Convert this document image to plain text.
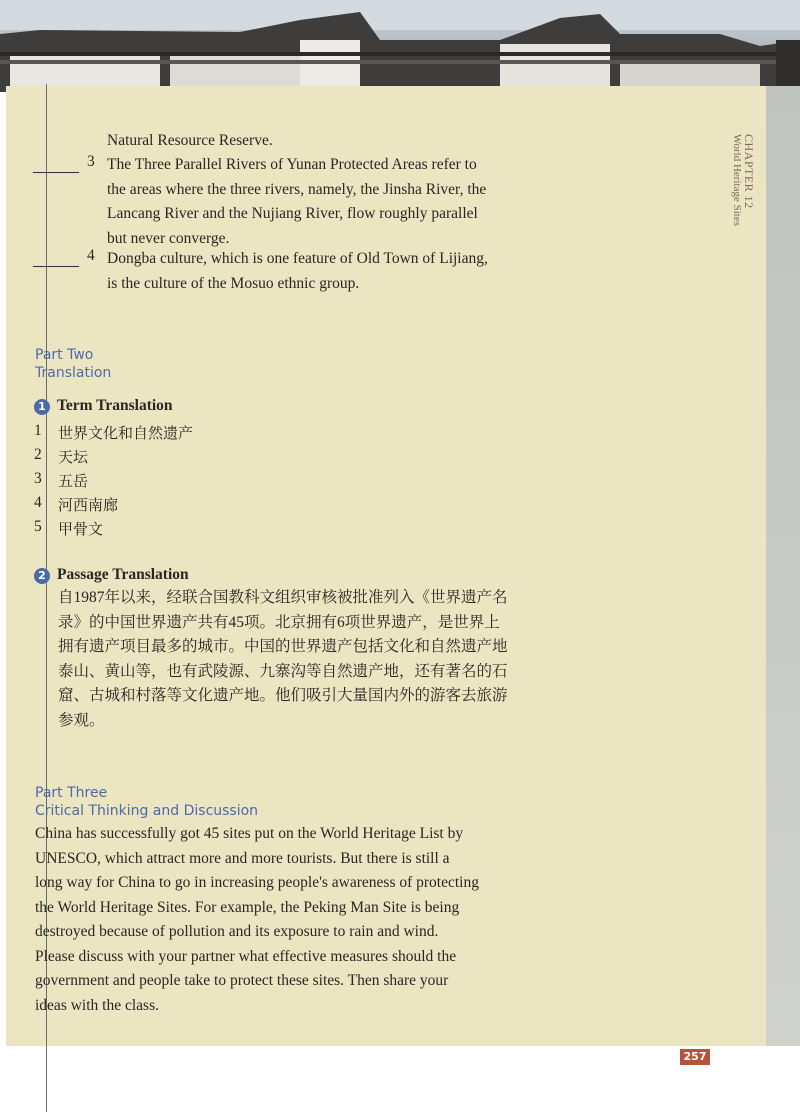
CHAPTER 12
World Heritage Sites
Natural Resource Reserve.
3 The Three Parallel Rivers of Yunan Protected Areas refer to
the areas where the three rivers, namely, the Jinsha River, the
Lancang River and the Nujiang River, flow roughly parallel
but never converge.
4 Dongba culture, which is one feature of Old Town of Lijiang,
is the culture of the Mosuo ethnic group.
Part Two
Translation
1 Term Translation
1 世界文化和自然遗产
2 天坛
3 五岳
4 河西南廊
5 甲骨文
2 Passage Translation
自1987年以来，经联合国教科文组织审核被批准列入《世界遗产名
录》的中国世界遗产共有45项。北京拥有6项世界遗产，是世界上
拥有遗产项目最多的城市。中国的世界遗产包括文化和自然遗产地
泰山、黄山等，也有武陵源、九寨沟等自然遗产地，还有著名的石
窟、古城和村落等文化遗产地。他们吸引大量国内外的游客去旅游
参观。
Part Three
Critical Thinking and Discussion
China has successfully got 45 sites put on the World Heritage List by
UNESCO, which attract more and more tourists. But there is still a
long way for China to go in increasing people's awareness of protecting
the World Heritage Sites. For example, the Peking Man Site is being
destroyed because of pollution and its exposure to rain and wind.
Please discuss with your partner what effective measures should the
government and people take to protect these sites. Then share your
ideas with the class.
257
